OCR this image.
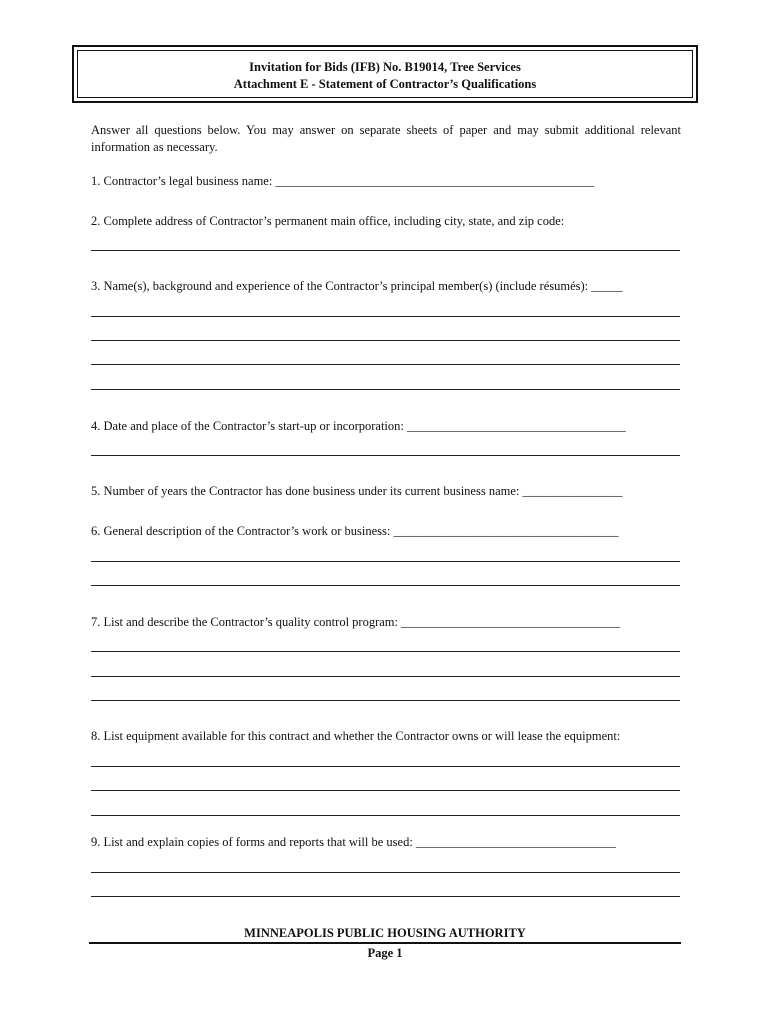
Invitation for Bids (IFB) No. B19014, Tree Services
Attachment E - Statement of Contractor’s Qualifications
Answer all questions below. You may answer on separate sheets of paper and may submit additional relevant information as necessary.
1. Contractor’s legal business name: ___________________________________________________
2. Complete address of Contractor’s permanent main office, including city, state, and zip code:
3. Name(s), background and experience of the Contractor’s principal member(s) (include résumés): _____
4. Date and place of the Contractor’s start-up or incorporation: ___________________________________
5. Number of years the Contractor has done business under its current business name: ________________
6. General description of the Contractor’s work or business: ____________________________________
7. List and describe the Contractor’s quality control program: ___________________________________
8. List equipment available for this contract and whether the Contractor owns or will lease the equipment:
9. List and explain copies of forms and reports that will be used: ________________________________
MINNEAPOLIS PUBLIC HOUSING AUTHORITY
Page 1
